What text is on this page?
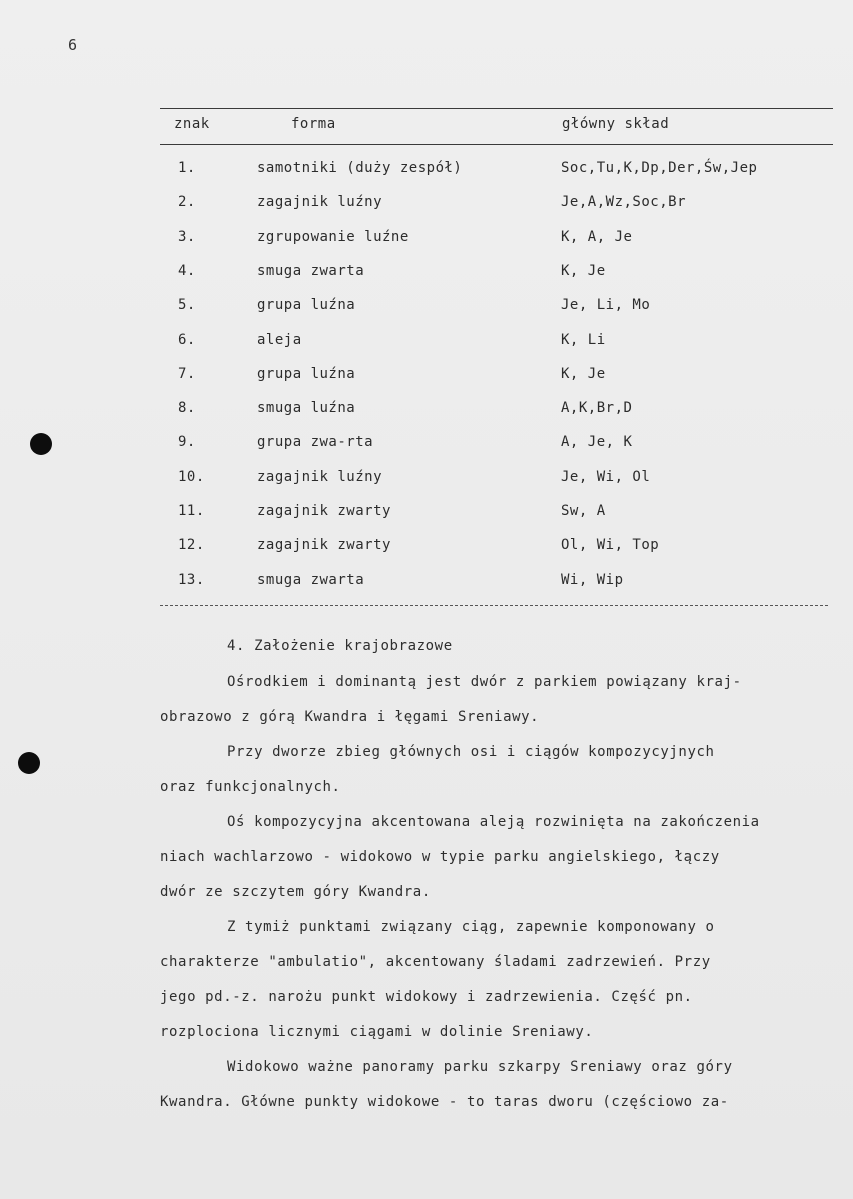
6
znak	forma	główny skład
1.	samotniki (duży zespół)	Soc,Tu,K,Dp,Der,Św,Jep
2.	zagajnik luźny	Je,A,Wz,Soc,Br
3.	zgrupowanie luźne	K, A, Je
4.	smuga zwarta	K, Je
5.	grupa luźna	Je, Li, Mo
6.	aleja	K, Li
7.	grupa luźna	K, Je
8.	smuga luźna	A,K,Br,D
9.	grupa zwa-rta	A, Je, K
10.	zagajnik luźny	Je, Wi, Ol
11.	zagajnik zwarty	Sw, A
12.	zagajnik zwarty	Ol, Wi, Top
13.	smuga zwarta	Wi, Wip
4. Założenie krajobrazowe
Ośrodkiem i dominantą jest dwór z parkiem powiązany kraj-
obrazowo z górą Kwandra i łęgami Sreniawy.
Przy dworze zbieg głównych osi i ciągów kompozycyjnych
oraz funkcjonalnych.
Oś kompozycyjna akcentowana aleją rozwinięta na zakończenia
niach wachlarzowo - widokowo w typie parku angielskiego, łączy
dwór ze szczytem góry Kwandra.
Z tymiż punktami związany ciąg, zapewnie komponowany o
charakterze "ambulatio", akcentowany śladami zadrzewień. Przy
jego pd.-z. narożu punkt widokowy i zadrzewienia. Część pn.
rozplociona licznymi ciągami w dolinie Sreniawy.
Widokowo ważne panoramy parku szkarpy Sreniawy oraz góry
Kwandra. Główne punkty widokowe - to taras dworu (częściowo za-
